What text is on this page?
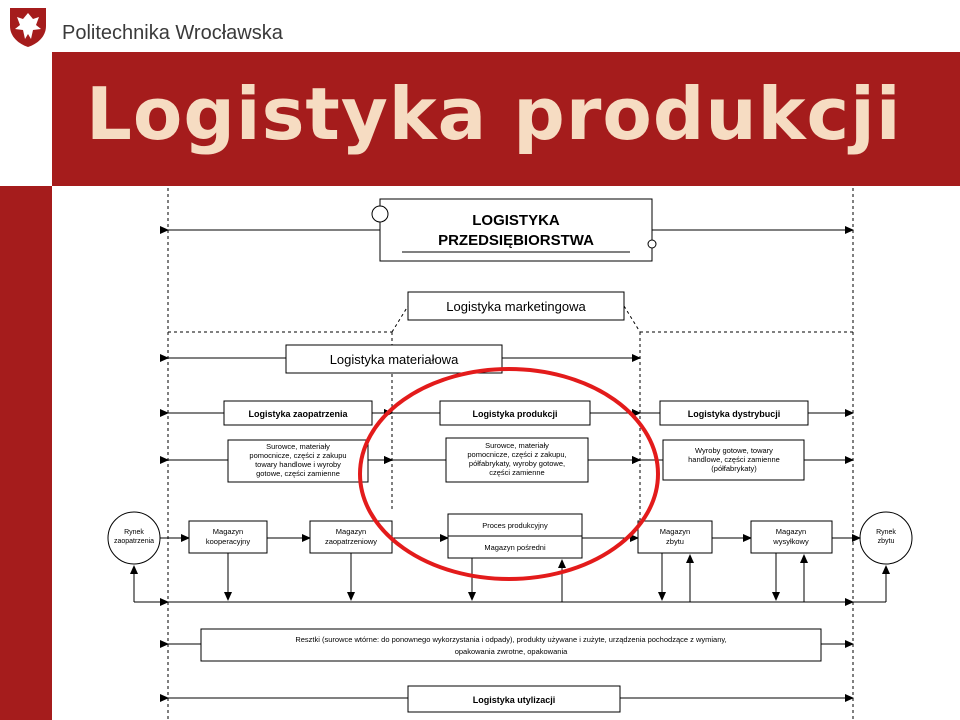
Politechnika Wrocławska
Logistyka produkcji
LOGISTYKA
PRZEDSIĘBIORSTWA
Logistyka marketingowa
Logistyka materiałowa
Logistyka zaopatrzenia	Logistyka produkcji	Logistyka dystrybucji
Surowce, materiały
pomocnicze, części z zakupu
towary handlowe i wyroby
gotowe, części zamienne
Surowce, materiały
pomocnicze, części z zakupu,
półfabrykaty, wyroby gotowe,
części zamienne
Wyroby gotowe, towary
handlowe, części zamienne
(półfabrykaty)
Rynek
zaopatrzenia
Rynek
zbytu
Magazyn
kooperacyjny
Magazyn
zaopatrzeniowy
Proces produkcyjny
Magazyn pośredni
Magazyn
zbytu
Magazyn
wysyłkowy
Resztki (surowce wtórne: do ponownego wykorzystania i odpady), produkty używane i zużyte, urządzenia pochodzące z wymiany,
opakowania zwrotne, opakowania
Logistyka utylizacji
